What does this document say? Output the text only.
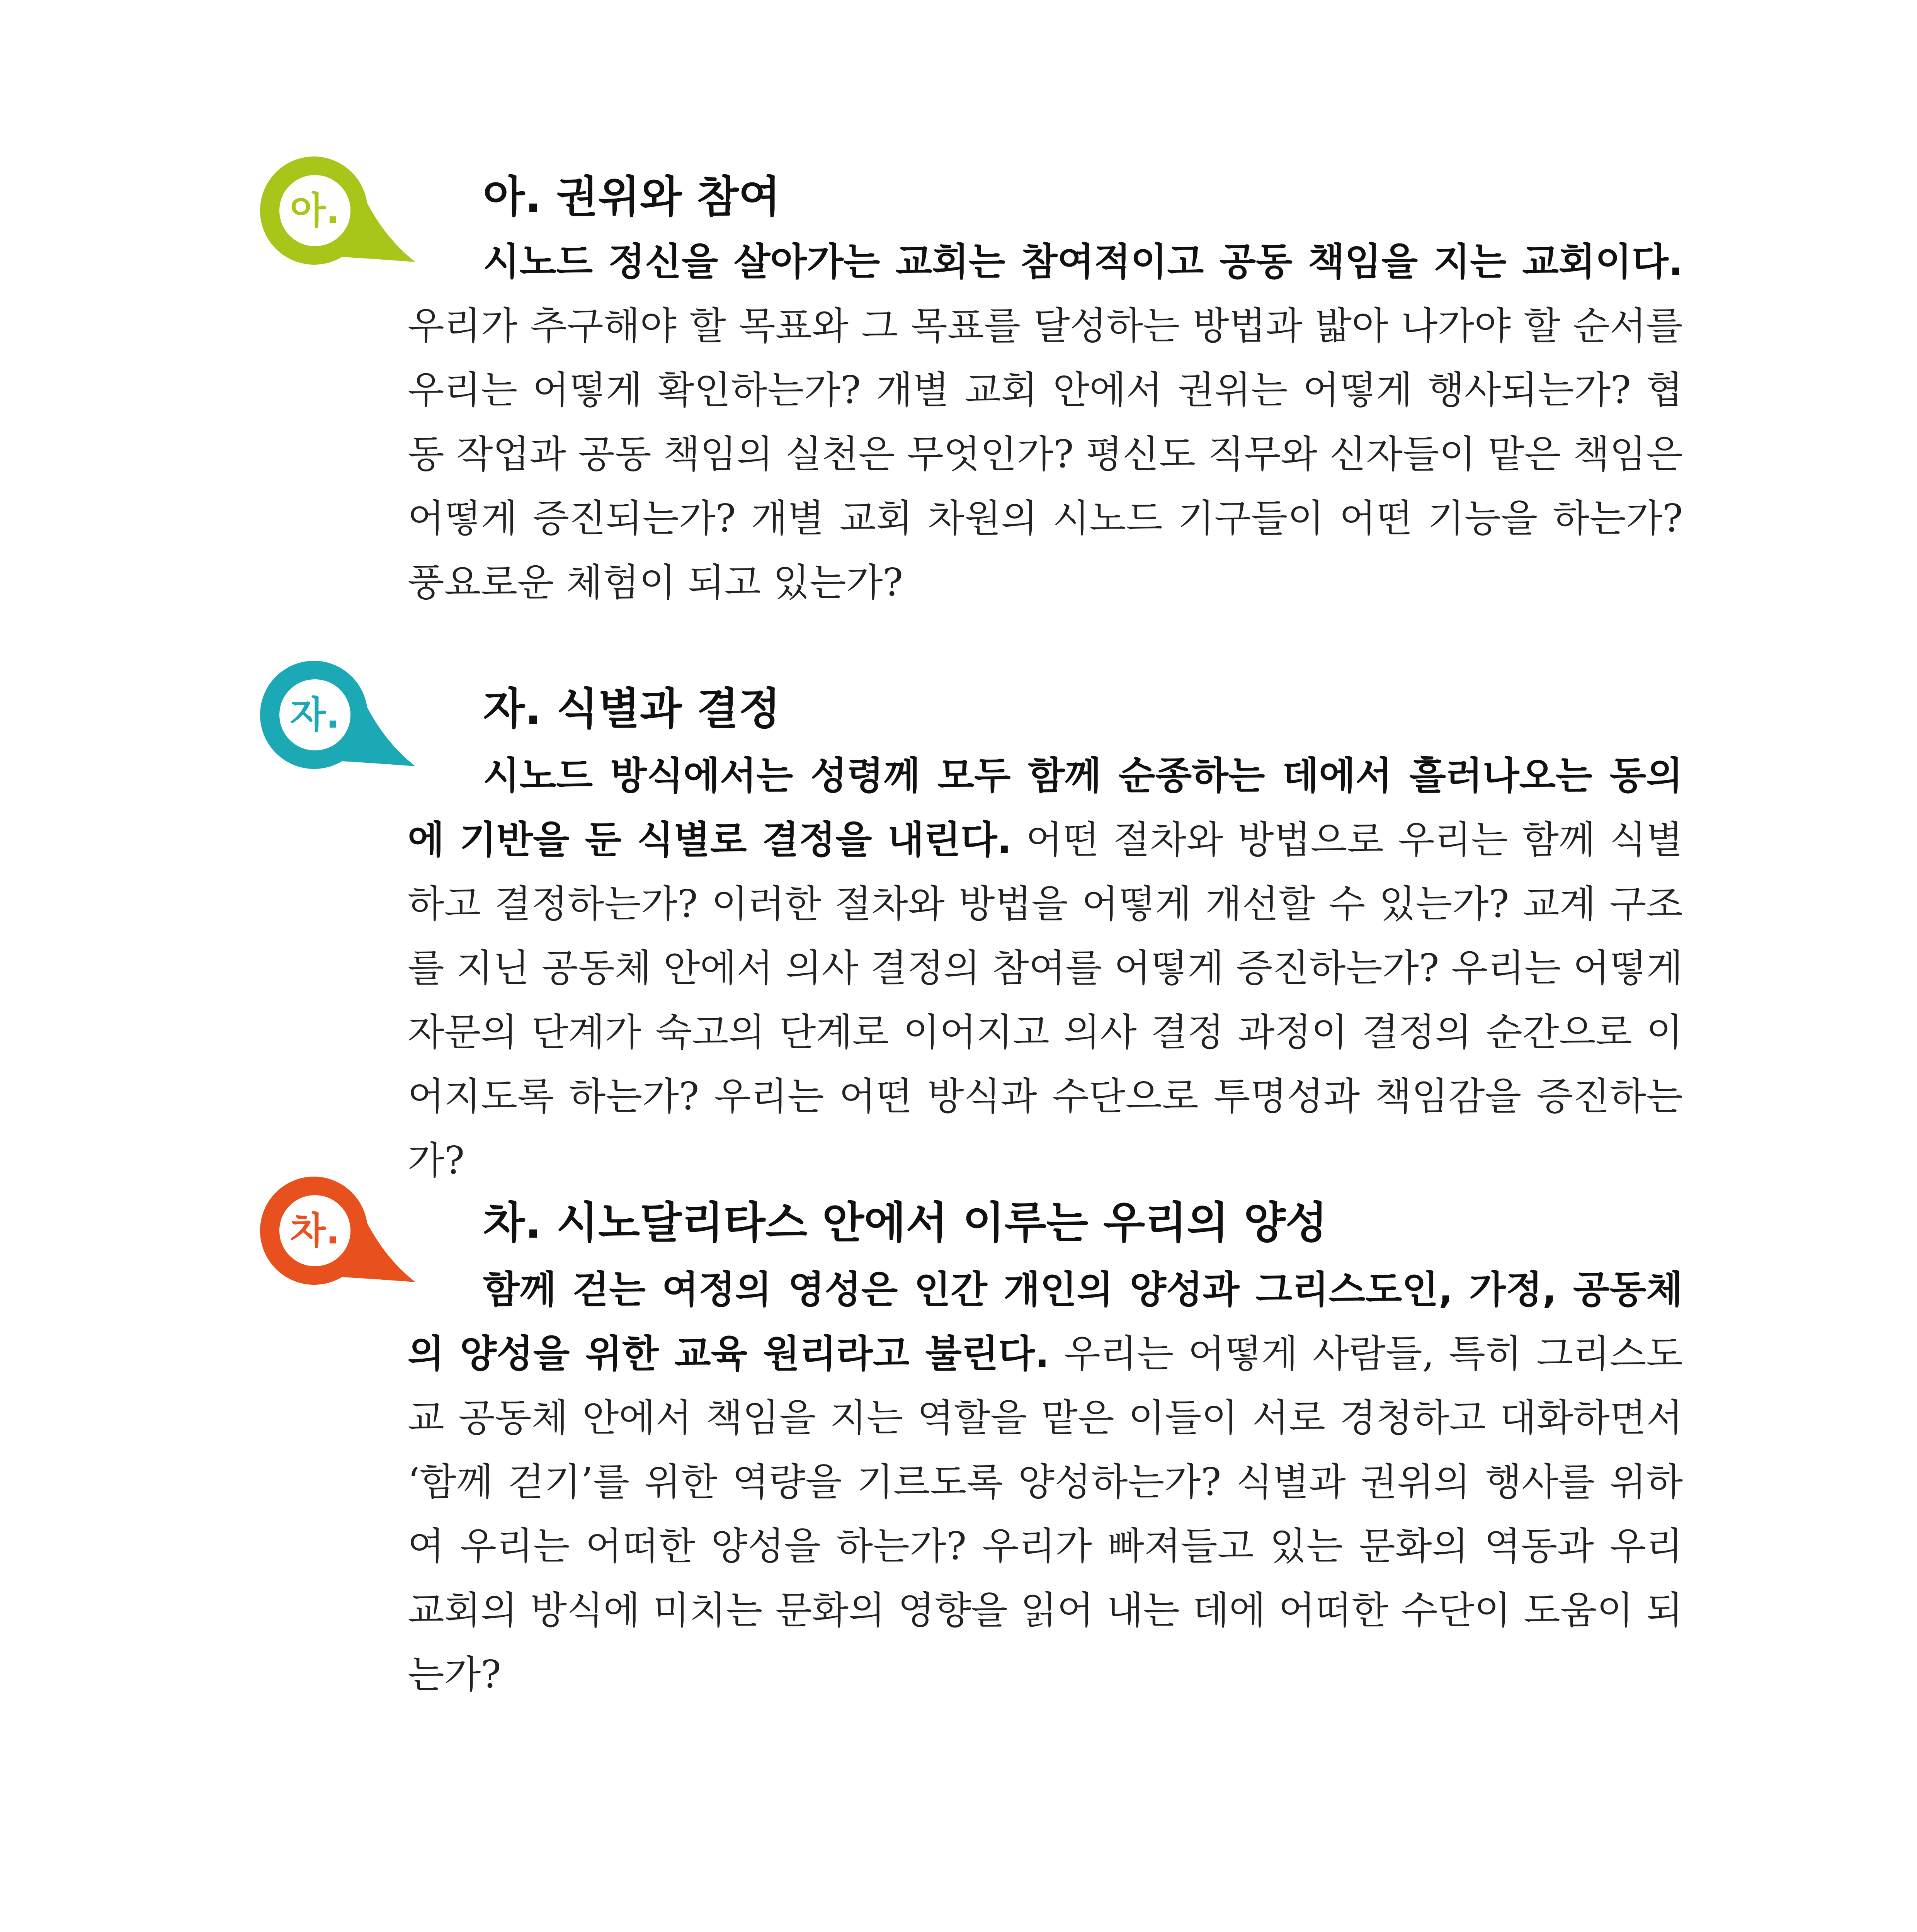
아.	아. 권위와 참여

시노드 정신을 살아가는 교회는 참여적이고 공동 책임을 지는 교회이다. 우리가 추구해야 할 목표와 그 목표를 달성하는 방법과 밟아 나가야 할 순서를 우리는 어떻게 확인하는가? 개별 교회 안에서 권위는 어떻게 행사되는가? 협동 작업과 공동 책임의 실천은 무엇인가? 평신도 직무와 신자들이 맡은 책임은 어떻게 증진되는가? 개별 교회 차원의 시노드 기구들이 어떤 기능을 하는가? 풍요로운 체험이 되고 있는가?

자.	자. 식별과 결정

시노드 방식에서는 성령께 모두 함께 순종하는 데에서 흘러나오는 동의에 기반을 둔 식별로 결정을 내린다. 어떤 절차와 방법으로 우리는 함께 식별하고 결정하는가? 이러한 절차와 방법을 어떻게 개선할 수 있는가? 교계 구조를 지닌 공동체 안에서 의사 결정의 참여를 어떻게 증진하는가? 우리는 어떻게 자문의 단계가 숙고의 단계로 이어지고 의사 결정 과정이 결정의 순간으로 이어지도록 하는가? 우리는 어떤 방식과 수단으로 투명성과 책임감을 증진하는가?

차.	차. 시노달리타스 안에서 이루는 우리의 양성

함께 걷는 여정의 영성은 인간 개인의 양성과 그리스도인, 가정, 공동체의 양성을 위한 교육 원리라고 불린다. 우리는 어떻게 사람들, 특히 그리스도교 공동체 안에서 책임을 지는 역할을 맡은 이들이 서로 경청하고 대화하면서 ‘함께 걷기’를 위한 역량을 기르도록 양성하는가? 식별과 권위의 행사를 위하여 우리는 어떠한 양성을 하는가? 우리가 빠져들고 있는 문화의 역동과 우리 교회의 방식에 미치는 문화의 영향을 읽어 내는 데에 어떠한 수단이 도움이 되는가?
